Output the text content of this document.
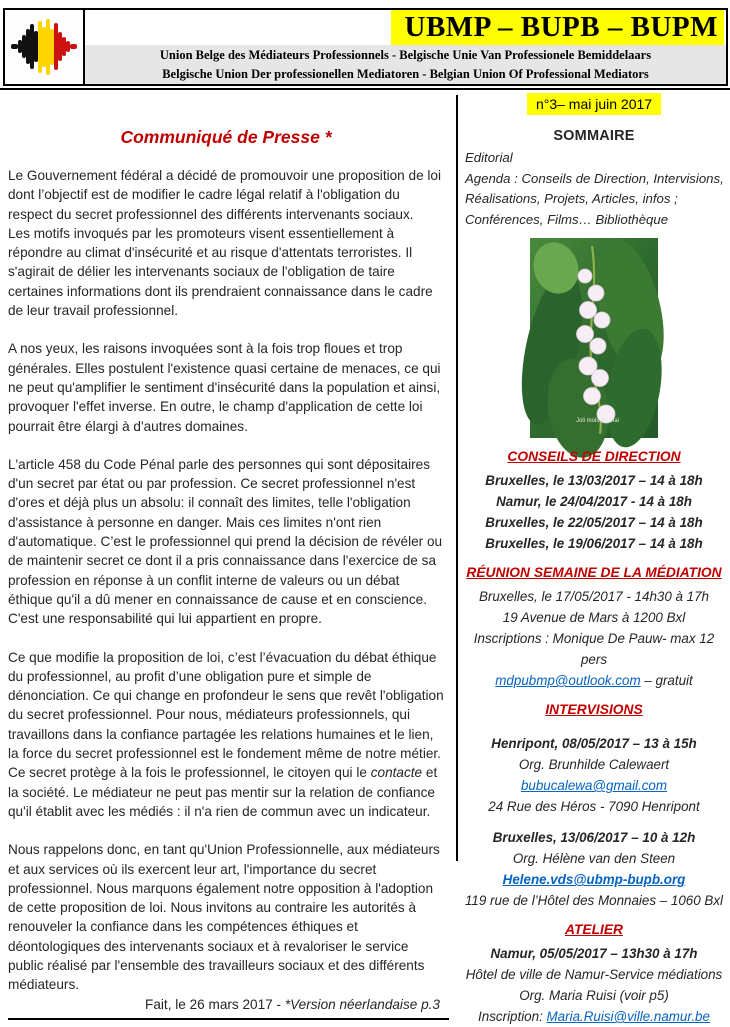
UBMP – BUPB – BUPM
Union Belge des Médiateurs Professionnels - Belgische Unie Van Professionele Bemiddelaars
Belgische Union Der professionellen Mediatoren - Belgian Union Of Professional Mediators
Communiqué de Presse *

Le Gouvernement fédéral a décidé de promouvoir une proposition de loi dont l’objectif est de modifier le cadre légal relatif à l'obligation du respect du secret professionnel des différents intervenants sociaux.

Les motifs invoqués par les promoteurs visent essentiellement à répondre au climat d'insécurité et au risque d'attentats terroristes. Il s'agirait de délier les intervenants sociaux de l'obligation de taire certaines informations dont ils prendraient connaissance dans le cadre de leur travail professionnel.

A nos yeux, les raisons invoquées sont à la fois trop floues et trop générales. Elles postulent l'existence quasi certaine de menaces, ce qui ne peut qu'amplifier le sentiment d'insécurité dans la population et ainsi, provoquer l'effet inverse. En outre, le champ d'application de cette loi pourrait être élargi à d'autres domaines.

L'article 458 du Code Pénal parle des personnes qui sont dépositaires d'un secret par état ou par profession. Ce secret professionnel n'est d'ores et déjà plus un absolu: il connaît des limites, telle l'obligation d'assistance à personne en danger. Mais ces limites n'ont rien d'automatique. C’est le professionnel qui prend la décision de révéler ou de maintenir secret ce dont il a pris connaissance dans l'exercice de sa profession en réponse à un conflit interne de valeurs ou un débat éthique qu'il a dû mener en connaissance de cause et en conscience. C'est une responsabilité qui lui appartient en propre.

Ce que modifie la proposition de loi, c’est l’évacuation du débat éthique du professionnel, au profit d’une obligation pure et simple de dénonciation. Ce qui change en profondeur le sens que revêt l'obligation du secret professionnel. Pour nous, médiateurs professionnels, qui travaillons dans la confiance partagée les relations humaines et le lien, la force du secret professionnel est le fondement même de notre métier. Ce secret protège à la fois le professionnel, le citoyen qui le contacte et la société. Le médiateur ne peut pas mentir sur la relation de confiance qu'il établit avec les médiés : il n'a rien de commun avec un indicateur.

Nous rappelons donc, en tant qu'Union Professionnelle, aux médiateurs et aux services où ils exercent leur art, l'importance du secret professionnel. Nous marquons également notre opposition à l'adoption de cette proposition de loi. Nous invitons au contraire les autorités à renouveler la confiance dans les compétences éthiques et déontologiques des intervenants sociaux et à revaloriser le service public réalisé par l'ensemble des travailleurs sociaux et des différents médiateurs.

Fait, le 26 mars 2017 - *Version néerlandaise p.3
n°3– mai juin 2017
SOMMAIRE
Editorial
Agenda : Conseils de Direction, Intervisions,
Réalisations, Projets, Articles, infos ;
Conférences, Films… Bibliothèque
Joli mois de Mai
CONSEILS DE DIRECTION
Bruxelles, le 13/03/2017 – 14 à 18h
Namur, le 24/04/2017 - 14 à 18h
Bruxelles, le 22/05/2017 – 14 à 18h
Bruxelles, le 19/06/2017 – 14 à 18h
RÉUNION SEMAINE DE LA MÉDIATION
Bruxelles, le 17/05/2017 - 14h30 à 17h
19 Avenue de Mars à 1200 Bxl
Inscriptions : Monique De Pauw- max 12 pers
mdpubmp@outlook.com – gratuit
INTERVISIONS
Henripont, 08/05/2017 – 13 à 15h
Org. Brunhilde Calewaert
bubucalewa@gmail.com
24 Rue des Héros - 7090 Henripont
Bruxelles, 13/06/2017 – 10 à 12h
Org. Hélène van den Steen
Helene.vds@ubmp-bupb.org
119 rue de l’Hôtel des Monnaies – 1060 Bxl
ATELIER
Namur, 05/05/2017 – 13h30 à 17h
Hôtel de ville de Namur-Service médiations
Org. Maria Ruisi (voir p5)
Inscription: Maria.Ruisi@ville.namur.be
